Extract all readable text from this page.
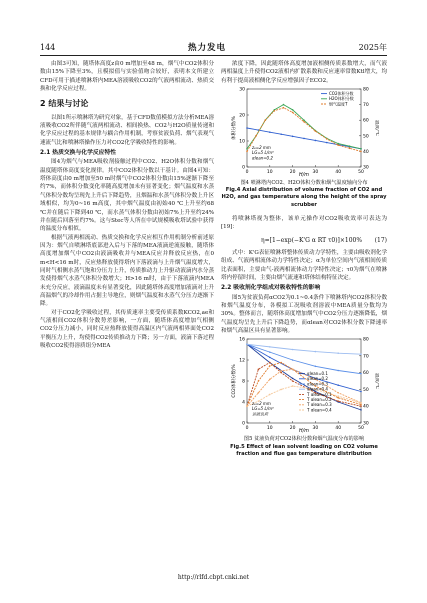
144	热力发电	2025年

由图3可知，随塔体高度z由0 m增加至48 m，烟气中CO2体积分数由15%下降至3%，且模拟值与实验值吻合较好，表明本文所建立CFD可用于描述喷淋塔内MEA溶液吸收CO2的气液两相流动、热质交换和化学反应过程。

2 结果与讨论

以图1所示喷淋塔为研究对象，基于CFD数值模拟方法分析MEA溶液吸收CO2所伴随气液两相流动、相间换热、CO2与H2O质量传递和化学反应过程的基本规律与耦合作用机制，考察贫液负荷、烟气表观气速流气比和喷淋塔操作压力对CO2化学吸收特性的影响。

2.1 热质交换与化学反应特性

图4为烟气与MEA吸收剂接触过程中CO2、H2O体积分数和烟气温度随塔体高度变化规律。其中CO2体积分数以干基计。由图4可知：塔体高度由0 m增加至50 m时烟气中CO2体积分数由15%逐渐下降至约7%，而体积分数变化率随高度增加未有显著变化；烟气温度和水蒸气体积分数均呈现先上升后下降趋势，且烟温和水蒸气体积分数上升区域相似，均为0~16 m高度，其中烟气温度由初始40 ℃上升至约68 ℃并在随后下降到40 ℃，而水蒸气体积分数由初始7%上升至约24%并在随后回落至约7%。这与Stec等人所在中试规模吸收塔试验中获得的温度分布相似。

根据气液两相流动、热质交换和化学反应相互作用机制分析前述原因为：烟气自喷淋塔底部进入后与下落的MEA液滴逆流接触，随塔体高度增加烟气中CO2由液滴吸收并与MEA反应并释放反应热，在0 m<H<16 m时，反应热释放使得塔内下落液滴与上升烟气温度增大，同时气相侧水蒸气饱和分压力上升，传质推动力上升驱动液滴内水分蒸发使得烟气水蒸气体积分数增大；H>16 m时，由于下落液滴内MEA未充分反应，液滴温度未有显著变化，因此随塔体高度增加液滴对上升高温烟气的冷却作用占据主导地位，则烟气温度和水蒸气分压力逐渐下降。

对于CO2化学吸收过程，其传质速率主要受传质系数KCO2,ae和气液相间CO2体积分数势差影响，一方面，随塔体高度增加气相侧CO2分压力减小，同时反应热释放使得高温区内气液两相界面处CO2平衡压力上升，均使得CO2传质推动力下降；另一方面，液滴下落过程吸收CO2使得溶质组分MEA

浓度下降，因此随塔体高度增加液相侧传质系数增大，而气液两相温度上升使得CO2液相内扩散系数和反应速率常数Ktl增大，均有利于提高液相侧化学反应增强因子ECO2。

0	10	20	30	40	50
0
10
20
30
30
40
50
60
70
80
H/m
体积分数/%	温度/℃
CO2体积分数
H2O体积分数
烟气温度T
zₑ=2 mm
LG=5 L/m³
αlean=0.2
图4 喷淋塔内CO2、H2O体积分数和烟气温度轴向分布
Fig.4 Axial distribution of volume fraction of CO2 and H2O, and gas temperature along the height of the spray scrubber

将喷淋塔视为整体，该单元操作对CO2吸收效率可表达为[19]：

η=[1−exp(−K'G α RT τ0)]×100% (17)

式中：K'G表征喷淋塔整体传质动力学特性，主要由吸收剂化学组成、气液两相流体动力学特性决定；α为单位空间内气液相间传质比表面积，主要由气-液两相流体动力学特性决定；τ0为烟气在喷淋塔内停留时间，主要由烟气流速和塔体结构特征决定。

2.2 吸收剂化学组成对吸收特性的影响

图5为贫液负荷αCO2为0.1~0.4条件下喷淋塔内CO2体积分数和烟气温度分布，各模拟工况吸收剂溶液中MEA质量分数均为30%。整体而言，随塔体高度增加烟气中CO2分压力逐渐降低，烟气温度均呈先上升后下降趋势，而αlean对CO2体积分数下降速率和烟气高温区具有显著影响。

0	10	20	30	40	50
0
4
8
12
16
30
40
50
60
70
80
H/m
CO2体积分数/%	温度/℃
αlean=0.1
αlean=0.2
αlean=0.3
αlean=0.4
T αlean=0.1
T αlean=0.2
T αlean=0.3
T αlean=0.4
zₑ=2 mm
LG=5 L/m³
贫液负荷
图5 贫液负荷对CO2体积分数和烟气温度分布的影响
Fig.5 Effect of lean solvent loading on CO2 volume fraction and flue gas temperature distribution
http://rlfd.cbpt.cnki.net
